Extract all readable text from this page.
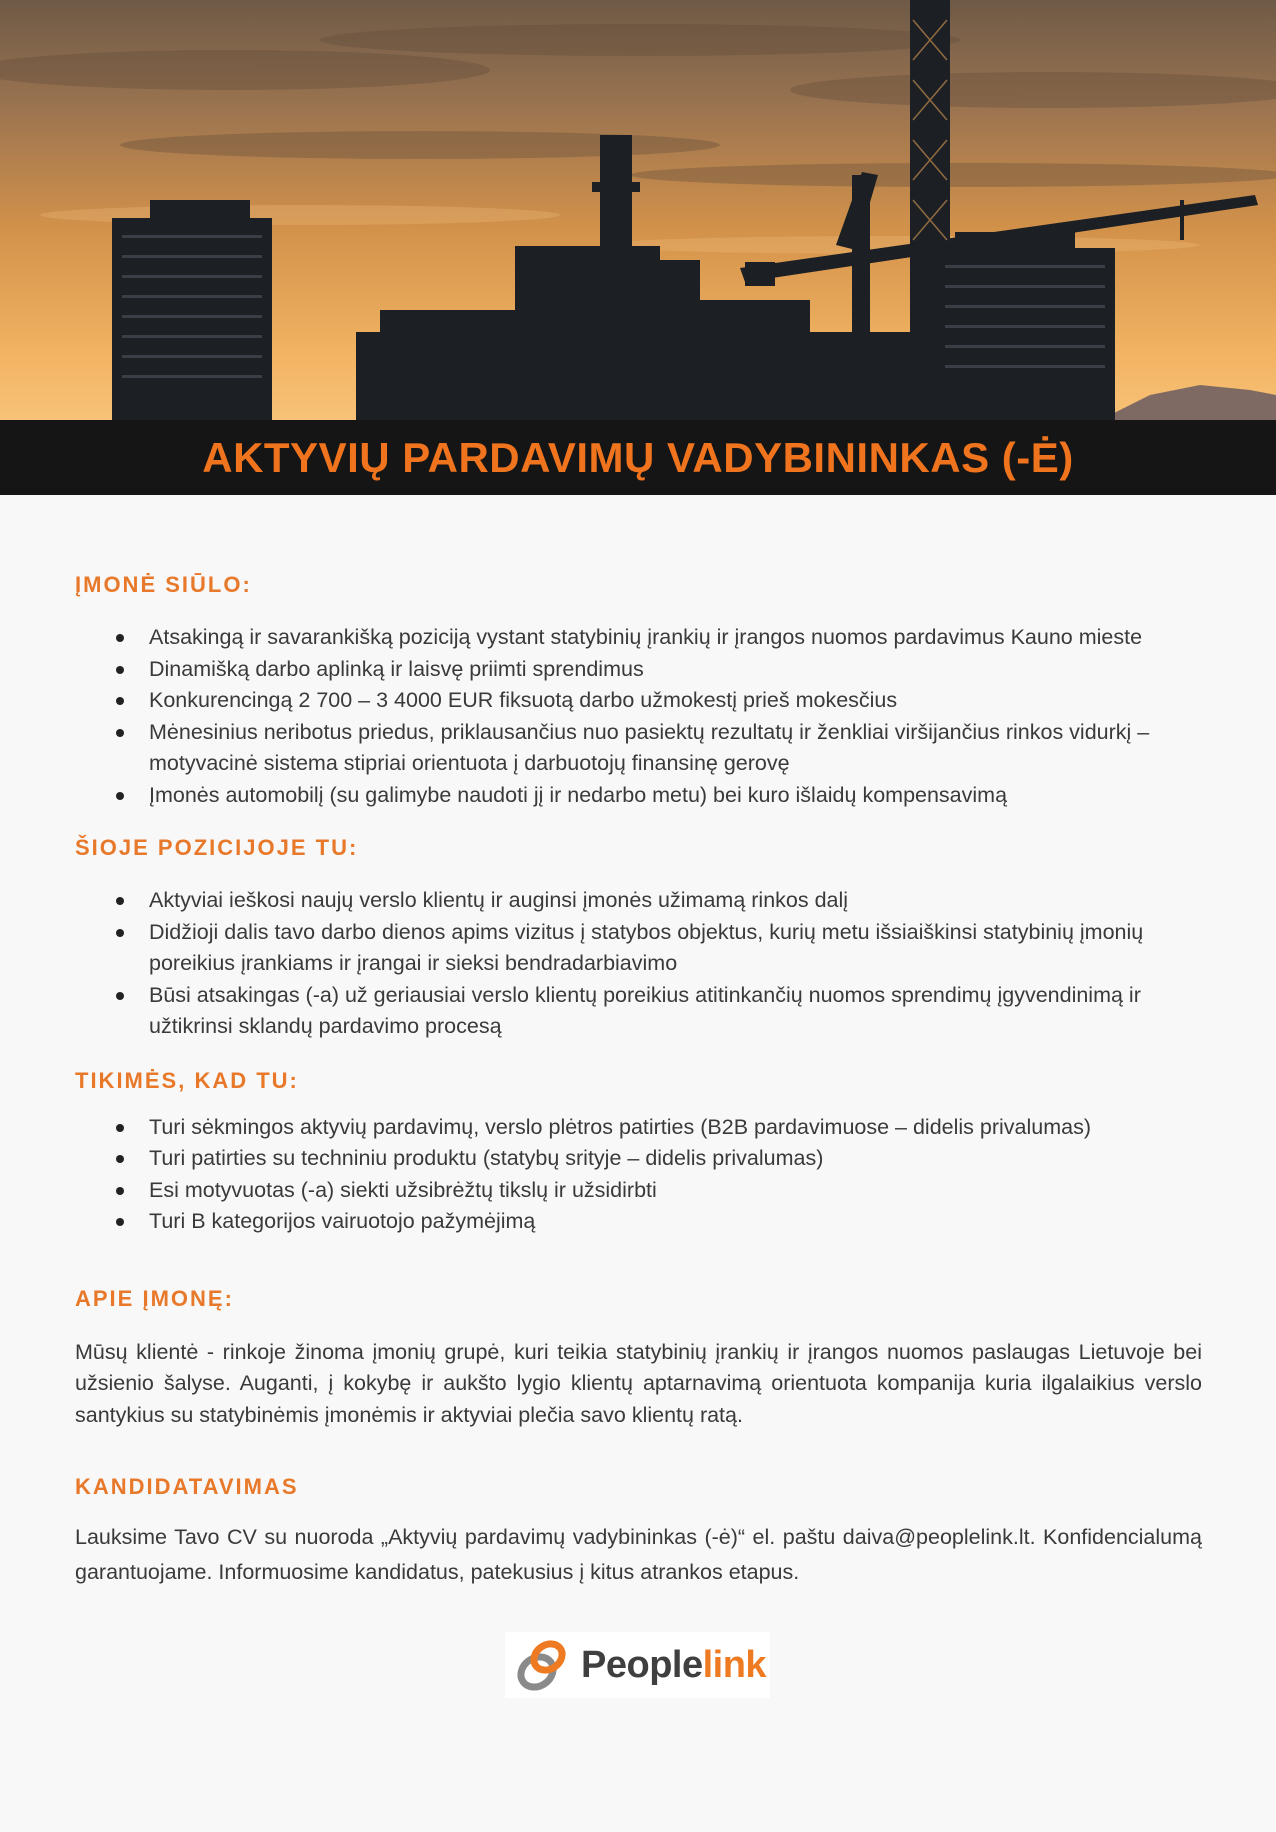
AKTYVIŲ PARDAVIMŲ VADYBININKAS (-Ė)
ĮMONĖ SIŪLO:
Atsakingą ir savarankišką poziciją vystant statybinių įrankių ir įrangos nuomos pardavimus Kauno mieste
Dinamišką darbo aplinką ir laisvę priimti sprendimus
Konkurencingą 2 700 – 3 4000 EUR fiksuotą darbo užmokestį prieš mokesčius
Mėnesinius neribotus priedus, priklausančius nuo pasiektų rezultatų ir ženkliai viršijančius rinkos vidurkį – motyvacinė sistema stipriai orientuota į darbuotojų finansinę gerovę
Įmonės automobilį (su galimybe naudoti jį ir nedarbo metu) bei kuro išlaidų kompensavimą
ŠIOJE POZICIJOJE TU:
Aktyviai ieškosi naujų verslo klientų ir auginsi įmonės užimamą rinkos dalį
Didžioji dalis tavo darbo dienos apims vizitus į statybos objektus, kurių metu išsiaiškinsi statybinių įmonių poreikius įrankiams ir įrangai ir sieksi bendradarbiavimo
Būsi atsakingas (-a) už geriausiai verslo klientų poreikius atitinkančių nuomos sprendimų įgyvendinimą ir užtikrinsi sklandų pardavimo procesą
TIKIMĖS, KAD TU:
Turi sėkmingos aktyvių pardavimų, verslo plėtros patirties (B2B pardavimuose – didelis privalumas)
Turi patirties su techniniu produktu (statybų srityje – didelis privalumas)
Esi motyvuotas (-a) siekti užsibrėžtų tikslų ir užsidirbti
Turi B kategorijos vairuotojo pažymėjimą
APIE ĮMONĘ:

Mūsų klientė - rinkoje žinoma įmonių grupė, kuri teikia statybinių įrankių ir įrangos nuomos paslaugas Lietuvoje bei užsienio šalyse. Auganti, į kokybę ir aukšto lygio klientų aptarnavimą orientuota kompanija kuria ilgalaikius verslo santykius su statybinėmis įmonėmis ir aktyviai plečia savo klientų ratą.

KANDIDATAVIMAS

Lauksime Tavo CV su nuoroda „Aktyvių pardavimų vadybininkas (-ė)“ el. paštu daiva@peoplelink.lt. Konfidencialumą garantuojame. Informuosime kandidatus, patekusius į kitus atrankos etapus.

Peoplelink
